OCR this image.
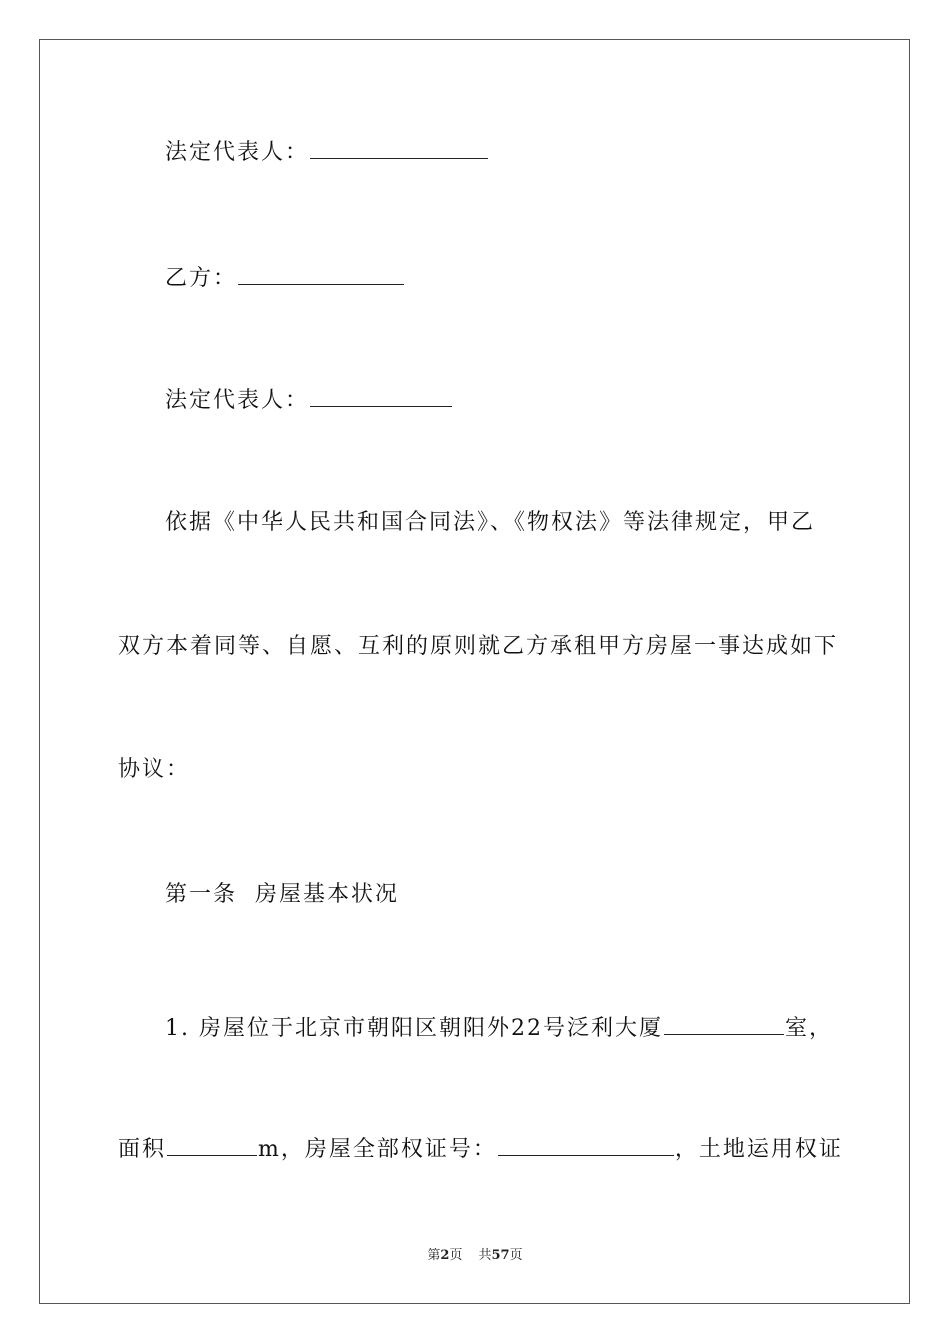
法定代表人：
乙方：
法定代表人：
依据《中华人民共和国合同法》、《物权法》等法律规定，甲乙
双方本着同等、自愿、互利的原则就乙方承租甲方房屋一事达成如下
协议：
第一条  房屋基本状况
1. 房屋位于北京市朝阳区朝阳外22号泛利大厦	室，
面积	m，房屋全部权证号：	，土地运用权证
第2页 共57页
